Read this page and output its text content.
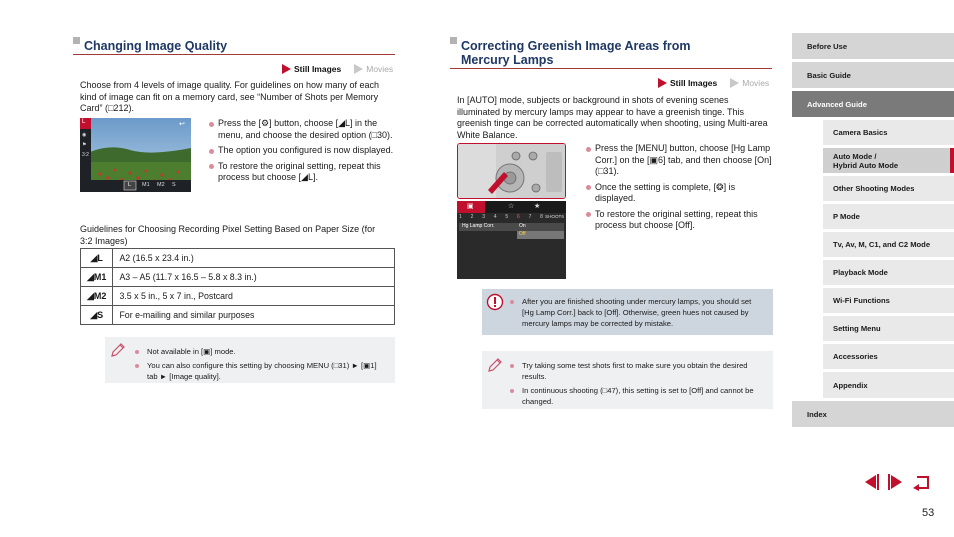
Changing Image Quality
Still Images	Movies
Choose from 4 levels of image quality. For guidelines on how many of each kind of image can fit on a memory card, see “Number of Shots per Memory Card” (□212).
L
◉
⚑
3:2
↩
L M1 M2 S
Press the [⚙] button, choose [◢L] in the menu, and choose the desired option (□30).
The option you configured is now displayed.
To restore the original setting, repeat this process but choose [◢L].
Guidelines for Choosing Recording Pixel Setting Based on Paper Size (for 3:2 Images)
◢L	A2 (16.5 x 23.4 in.)
◢M1	A3 – A5 (11.7 x 16.5 – 5.8 x 8.3 in.)
◢M2	3.5 x 5 in., 5 x 7 in., Postcard
◢S	For e-mailing and similar purposes
Not available in [▣] mode.
You can also configure this setting by choosing MENU (□31) ► [▣1] tab ► [Image quality].
Correcting Greenish Image Areas from
Mercury Lamps
Still Images	Movies
In [AUTO] mode, subjects or background in shots of evening scenes illuminated by mercury lamps may appear to have a greenish tinge. This greenish tinge can be corrected automatically when shooting, using Multi-area White Balance.
▣	☆	★
1 2 3 4 5 6 7 8 SHOOT6
Hg Lamp Corr.	On
Off
Press the [MENU] button, choose [Hg Lamp Corr.] on the [▣6] tab, and then choose [On] (□31).
Once the setting is complete, [❂] is displayed.
To restore the original setting, repeat this process but choose [Off].
After you are finished shooting under mercury lamps, you should set [Hg Lamp Corr.] back to [Off]. Otherwise, green hues not caused by mercury lamps may be corrected by mistake.
Try taking some test shots first to make sure you obtain the desired results.
In continuous shooting (□47), this setting is set to [Off] and cannot be changed.
Before Use
Basic Guide
Advanced Guide
Camera Basics
Auto Mode /
Hybrid Auto Mode
Other Shooting Modes
P Mode
Tv, Av, M, C1, and C2 Mode
Playback Mode
Wi-Fi Functions
Setting Menu
Accessories
Appendix
Index
53
